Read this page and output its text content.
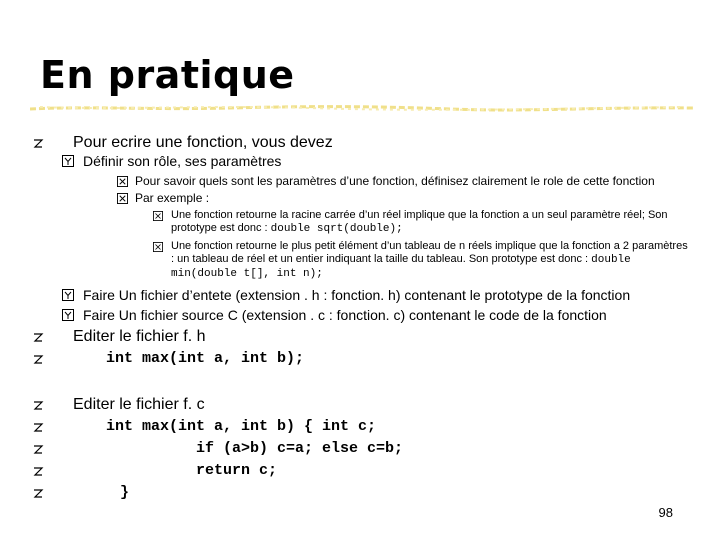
En pratique
Pour ecrire une fonction, vous devez
Définir son rôle, ses paramètres
Pour savoir quels sont les paramètres d’une fonction, définisez clairement le role de cette fonction
Par exemple :
Une fonction retourne la racine carrée d’un réel implique que la fonction a un seul paramètre réel; Son prototype est donc : double sqrt(double);
Une fonction retourne le plus petit élément d’un tableau de n réels implique que la fonction a 2 paramètres : un tableau de réel et un entier indiquant la taille du tableau. Son prototype est donc : double min(double t[], int n);
Faire Un fichier d’entete (extension . h : fonction. h) contenant le prototype de la fonction
Faire Un fichier source C (extension . c : fonction. c) contenant le code de la fonction
Editer le fichier f. h
int max(int a, int b);
Editer le fichier f. c
int max(int a, int b) { int c;
if (a>b) c=a; else c=b;
return c;
}
98
